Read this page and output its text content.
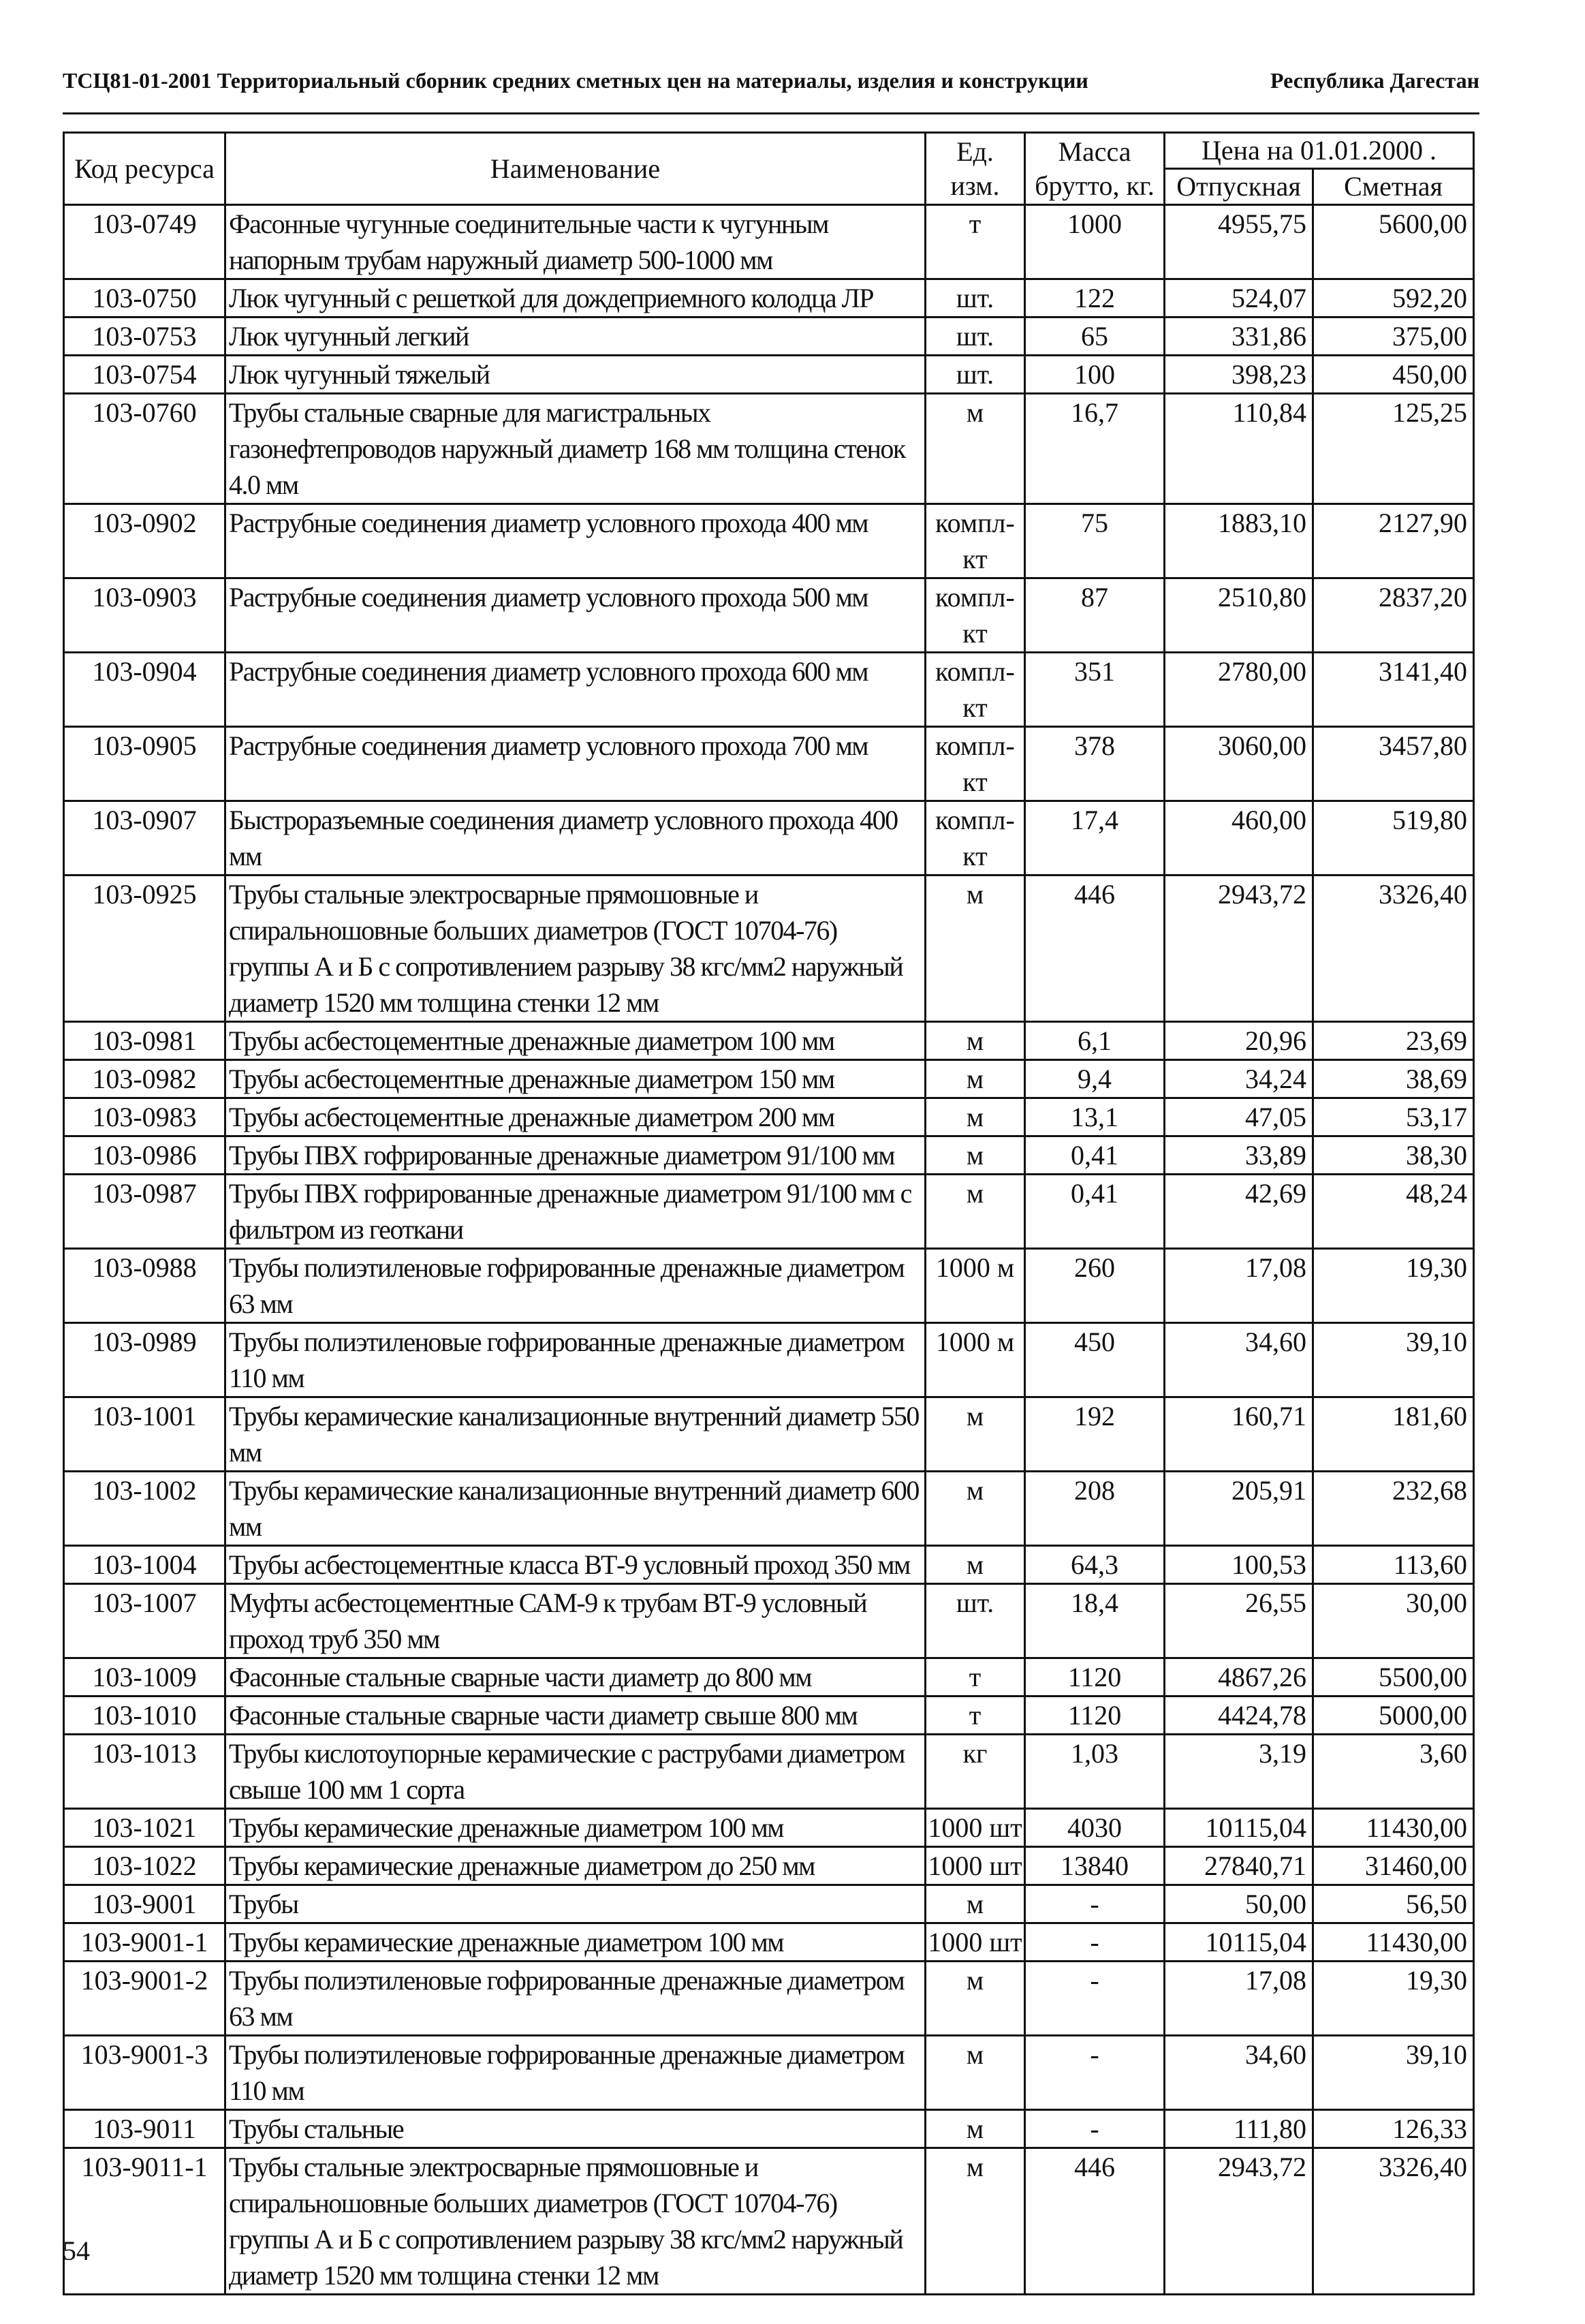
ТСЦ81-01-2001 Территориальный сборник средних сметных цен на материалы, изделия и конструкции	Республика Дагестан
Код ресурса	Наименование	Ед. изм.	Масса брутто, кг.	Цена на 01.01.2000 .	
				Отпускная	Сметная
103-0749	Фасонные чугунные соединительные части к чугунным напорным трубам наружный диаметр 500-1000 мм	т	1000	4955,75	5600,00
103-0750	Люк чугунный с решеткой для дождеприемного колодца ЛР	шт.	122	524,07	592,20
103-0753	Люк чугунный легкий	шт.	65	331,86	375,00
103-0754	Люк чугунный тяжелый	шт.	100	398,23	450,00
103-0760	Трубы стальные сварные для магистральных газонефтепроводов наружный диаметр 168 мм толщина стенок 4.0 мм	м	16,7	110,84	125,25
103-0902	Раструбные соединения диаметр условного прохода 400 мм	компл-кт	75	1883,10	2127,90
103-0903	Раструбные соединения диаметр условного прохода 500 мм	компл-кт	87	2510,80	2837,20
103-0904	Раструбные соединения диаметр условного прохода 600 мм	компл-кт	351	2780,00	3141,40
103-0905	Раструбные соединения диаметр условного прохода 700 мм	компл-кт	378	3060,00	3457,80
103-0907	Быстроразъемные соединения диаметр условного прохода 400 мм	компл-кт	17,4	460,00	519,80
103-0925	Трубы стальные электросварные прямошовные и спиральношовные больших диаметров (ГОСТ 10704-76) группы А и Б с сопротивлением разрыву 38 кгс/мм2 наружный диаметр 1520 мм толщина стенки 12 мм	м	446	2943,72	3326,40
103-0981	Трубы асбестоцементные дренажные диаметром 100 мм	м	6,1	20,96	23,69
103-0982	Трубы асбестоцементные дренажные диаметром 150 мм	м	9,4	34,24	38,69
103-0983	Трубы асбестоцементные дренажные диаметром 200 мм	м	13,1	47,05	53,17
103-0986	Трубы ПВХ гофрированные дренажные диаметром 91/100 мм	м	0,41	33,89	38,30
103-0987	Трубы ПВХ гофрированные дренажные диаметром 91/100 мм с фильтром из геоткани	м	0,41	42,69	48,24
103-0988	Трубы полиэтиленовые гофрированные дренажные диаметром 63 мм	1000 м	260	17,08	19,30
103-0989	Трубы полиэтиленовые гофрированные дренажные диаметром 110 мм	1000 м	450	34,60	39,10
103-1001	Трубы керамические канализационные внутренний диаметр 550 мм	м	192	160,71	181,60
103-1002	Трубы керамические канализационные внутренний диаметр 600 мм	м	208	205,91	232,68
103-1004	Трубы асбестоцементные класса ВТ-9 условный проход 350 мм	м	64,3	100,53	113,60
103-1007	Муфты асбестоцементные САМ-9 к трубам ВТ-9 условный проход труб 350 мм	шт.	18,4	26,55	30,00
103-1009	Фасонные стальные сварные части диаметр до 800 мм	т	1120	4867,26	5500,00
103-1010	Фасонные стальные сварные части диаметр свыше 800 мм	т	1120	4424,78	5000,00
103-1013	Трубы кислотоупорные керамические с раструбами диаметром свыше 100 мм 1 сорта	кг	1,03	3,19	3,60
103-1021	Трубы керамические дренажные диаметром 100 мм	1000 шт	4030	10115,04	11430,00
103-1022	Трубы керамические дренажные диаметром до 250 мм	1000 шт	13840	27840,71	31460,00
103-9001	Трубы	м	-	50,00	56,50
103-9001-1	Трубы керамические дренажные диаметром 100 мм	1000 шт	-	10115,04	11430,00
103-9001-2	Трубы полиэтиленовые гофрированные дренажные диаметром 63 мм	м	-	17,08	19,30
103-9001-3	Трубы полиэтиленовые гофрированные дренажные диаметром 110 мм	м	-	34,60	39,10
103-9011	Трубы стальные	м	-	111,80	126,33
103-9011-1	Трубы стальные электросварные прямошовные и спиральношовные больших диаметров (ГОСТ 10704-76) группы А и Б с сопротивлением разрыву 38 кгс/мм2 наружный диаметр 1520 мм толщина стенки 12 мм	м	446	2943,72	3326,40
54
